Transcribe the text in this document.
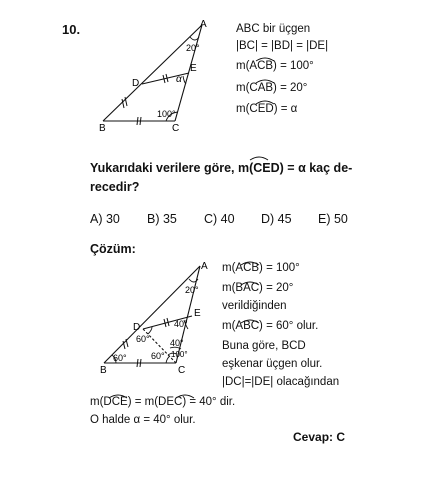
10.	A
B	C
D
E
20°
α
100°
ABC bir üçgen
|BC| = |BD| = |DE|
m(ACB) = 100°
m(CAB) = 20°
m(CED) = α
Yukarıdaki verilere göre, m(CED) = α kaç de-recedir?
A) 30	B) 35	C) 40	D) 45	E) 50
Çözüm:
A
B	C
D
E
20°
40°
40°
60° 100°
60°
60°
m(ACB) = 100°
m(BAC) = 20°
verildiğinden
m(ABC) = 60° olur.
Buna göre, BCD
eşkenar üçgen olur.
|DC|=|DE| olacağından
m(DCE) = m(DEC) = 40° dir.
O halde α = 40° olur.
Cevap: C
